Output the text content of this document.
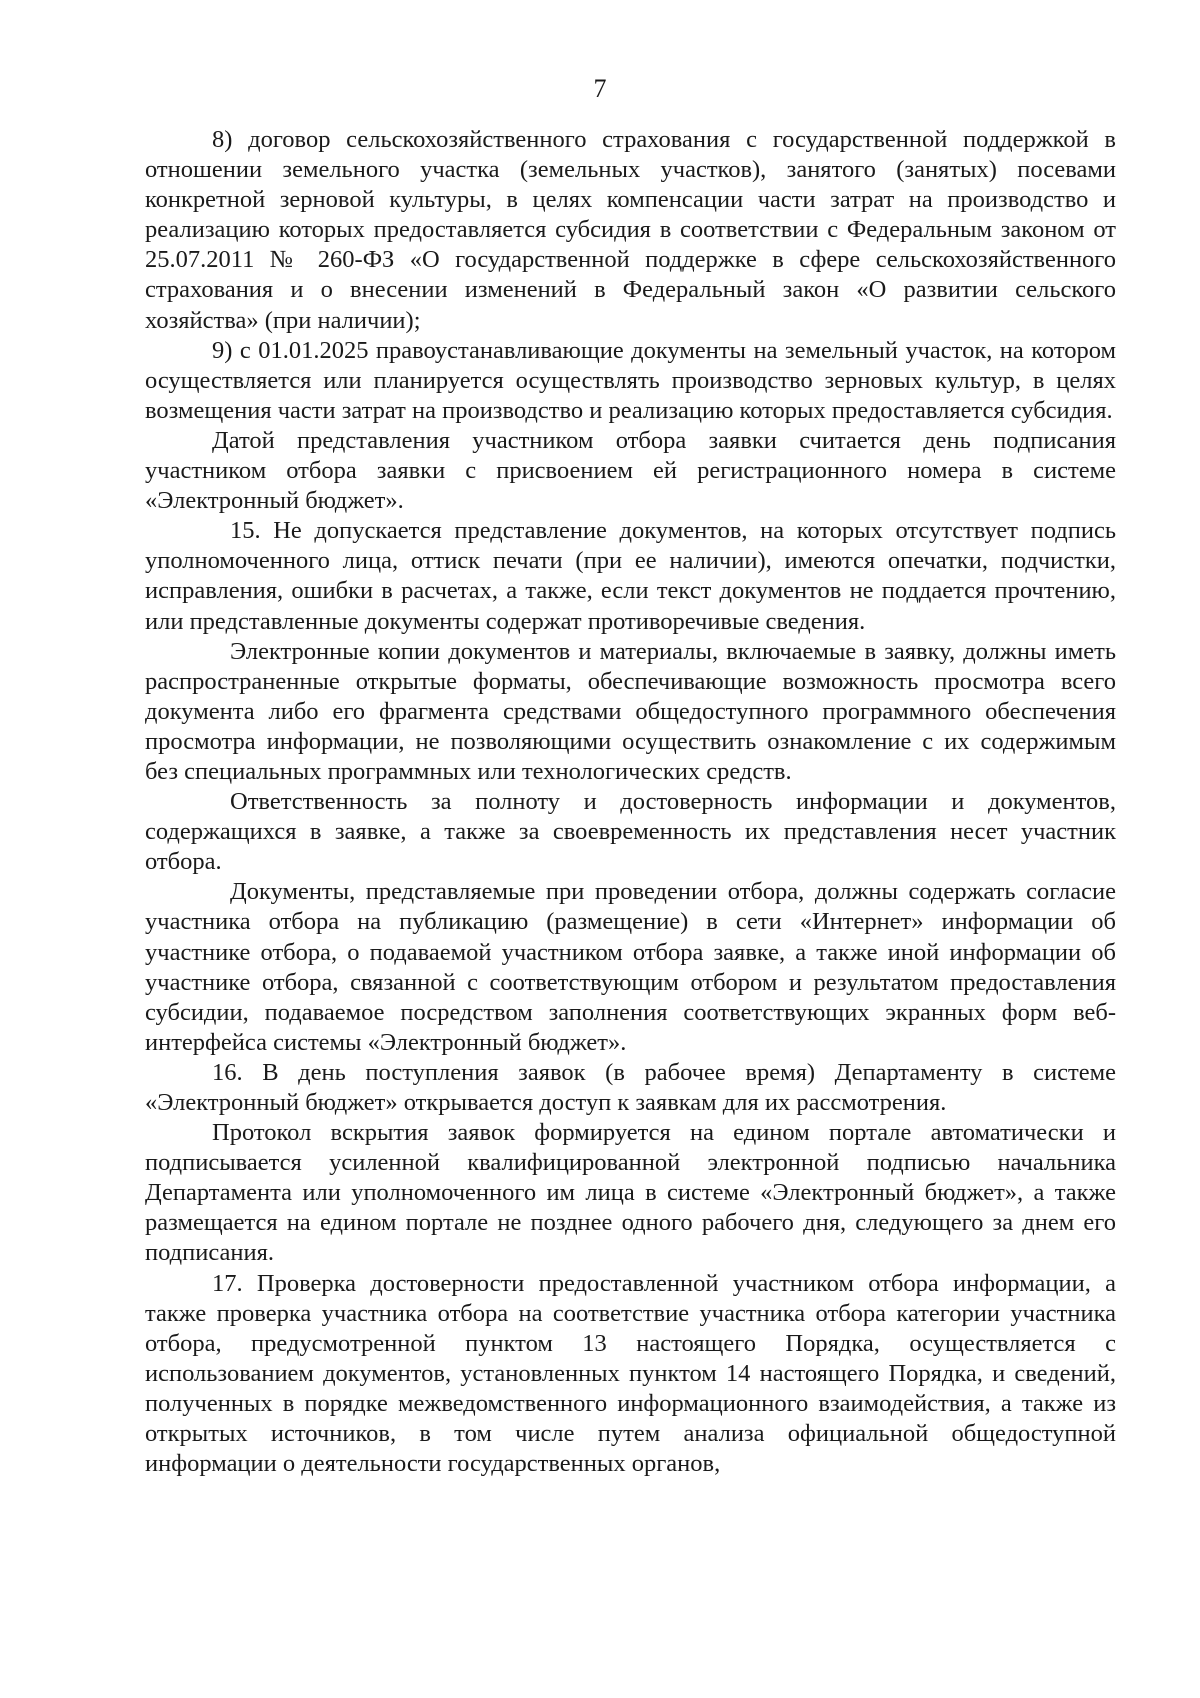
7

8) договор сельскохозяйственного страхования с государственной поддержкой в отношении земельного участка (земельных участков), занятого (занятых) посевами конкретной зерновой культуры, в целях компенсации части затрат на производство и реализацию которых предоставляется субсидия в соответствии с Федеральным законом от 25.07.2011 № 260-ФЗ «О государственной поддержке в сфере сельскохозяйственного страхования и о внесении изменений в Федеральный закон «О развитии сельского хозяйства» (при наличии);

9) с 01.01.2025 правоустанавливающие документы на земельный участок, на котором осуществляется или планируется осуществлять производство зерновых культур, в целях возмещения части затрат на производство и реализацию которых предоставляется субсидия.

Датой представления участником отбора заявки считается день подписания участником отбора заявки с присвоением ей регистрационного номера в системе «Электронный бюджет».

15. Не допускается представление документов, на которых отсутствует подпись уполномоченного лица, оттиск печати (при ее наличии), имеются опечатки, подчистки, исправления, ошибки в расчетах, а также, если текст документов не поддается прочтению, или представленные документы содержат противоречивые сведения.

Электронные копии документов и материалы, включаемые в заявку, должны иметь распространенные открытые форматы, обеспечивающие возможность просмотра всего документа либо его фрагмента средствами общедоступного программного обеспечения просмотра информации, не позволяющими осуществить ознакомление с их содержимым без специальных программных или технологических средств.

Ответственность за полноту и достоверность информации и документов, содержащихся в заявке, а также за своевременность их представления несет участник отбора.

Документы, представляемые при проведении отбора, должны содержать согласие участника отбора на публикацию (размещение) в сети «Интернет» информации об участнике отбора, о подаваемой участником отбора заявке, а также иной информации об участнике отбора, связанной с соответствующим отбором и результатом предоставления субсидии, подаваемое посредством заполнения соответствующих экранных форм веб-интерфейса системы «Электронный бюджет».

16. В день поступления заявок (в рабочее время) Департаменту в системе «Электронный бюджет» открывается доступ к заявкам для их рассмотрения.

Протокол вскрытия заявок формируется на едином портале автоматически и подписывается усиленной квалифицированной электронной подписью начальника Департамента или уполномоченного им лица в системе «Электронный бюджет», а также размещается на едином портале не позднее одного рабочего дня, следующего за днем его подписания.

17. Проверка достоверности предоставленной участником отбора информации, а также проверка участника отбора на соответствие участника отбора категории участника отбора, предусмотренной пунктом 13 настоящего Порядка, осуществляется с использованием документов, установленных пунктом 14 настоящего Порядка, и сведений, полученных в порядке межведомственного информационного взаимодействия, а также из открытых источников, в том числе путем анализа официальной общедоступной информации о деятельности государственных органов,
